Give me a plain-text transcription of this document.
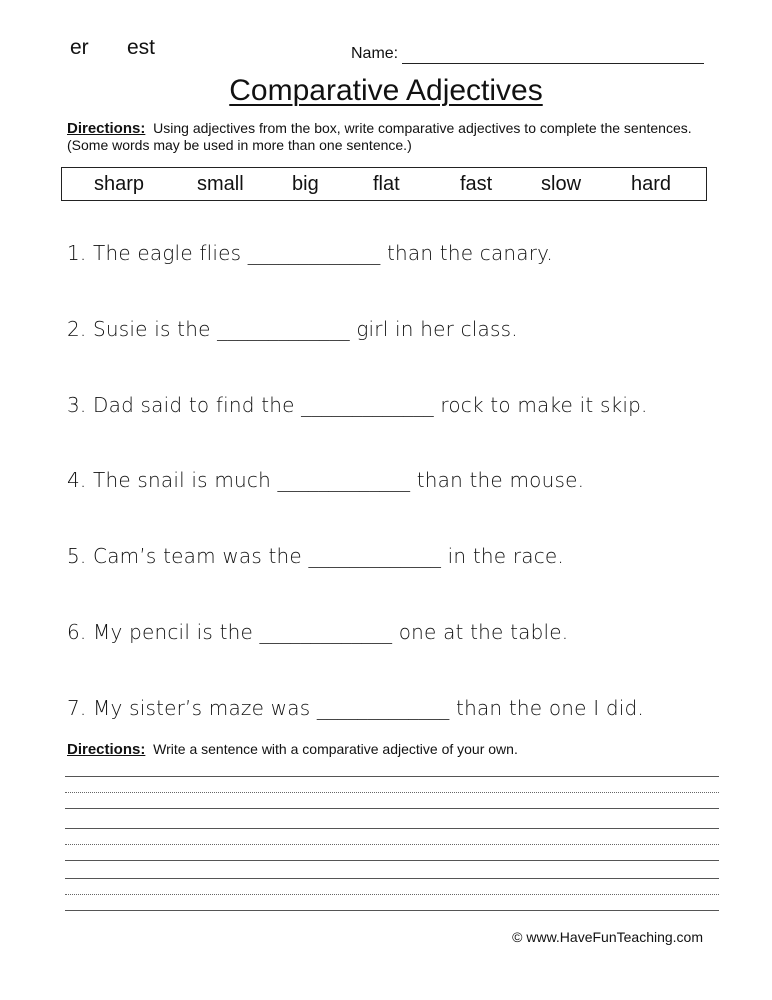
er est	Name:
Comparative Adjectives
Directions: Using adjectives from the box, write comparative adjectives to complete the sentences. (Some words may be used in more than one sentence.)
sharp	small big	flat	fast slow hard
1. The eagle flies _____________ than the canary.
2. Susie is the _____________ girl in her class.
3. Dad said to find the _____________ rock to make it skip.
4. The snail is much _____________ than the mouse.
5. Cam’s team was the _____________ in the race.
6. My pencil is the _____________ one at the table.
7. My sister’s maze was _____________ than the one I did.
Directions: Write a sentence with a comparative adjective of your own.
© www.HaveFunTeaching.com
